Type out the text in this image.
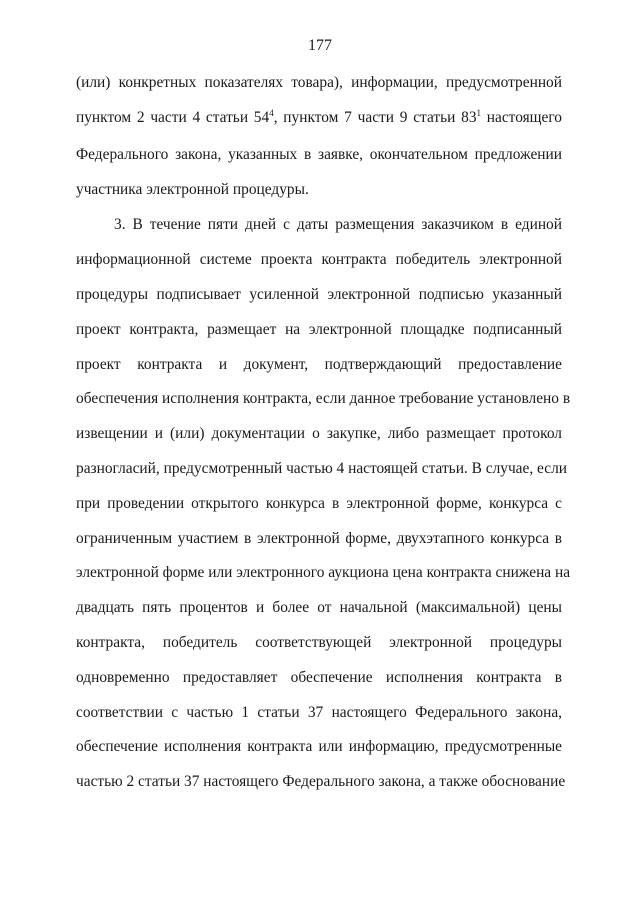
177
(или) конкретных показателях товара), информации, предусмотренной
пунктом 2 части 4 статьи $54^4$, пунктом 7 части 9 статьи $83^1$ настоящего
Федерального закона, указанных в заявке, окончательном предложении
участника электронной процедуры.
3. В течение пяти дней с даты размещения заказчиком в единой
информационной системе проекта контракта победитель электронной
процедуры подписывает усиленной электронной подписью указанный
проект контракта, размещает на электронной площадке подписанный
проект контракта и документ, подтверждающий предоставление
обеспечения исполнения контракта, если данное требование установлено в
извещении и (или) документации о закупке, либо размещает протокол
разногласий, предусмотренный частью 4 настоящей статьи. В случае, если
при проведении открытого конкурса в электронной форме, конкурса с
ограниченным участием в электронной форме, двухэтапного конкурса в
электронной форме или электронного аукциона цена контракта снижена на
двадцать пять процентов и более от начальной (максимальной) цены
контракта, победитель соответствующей электронной процедуры
одновременно предоставляет обеспечение исполнения контракта в
соответствии с частью 1 статьи 37 настоящего Федерального закона,
обеспечение исполнения контракта или информацию, предусмотренные
частью 2 статьи 37 настоящего Федерального закона, а также обоснование
